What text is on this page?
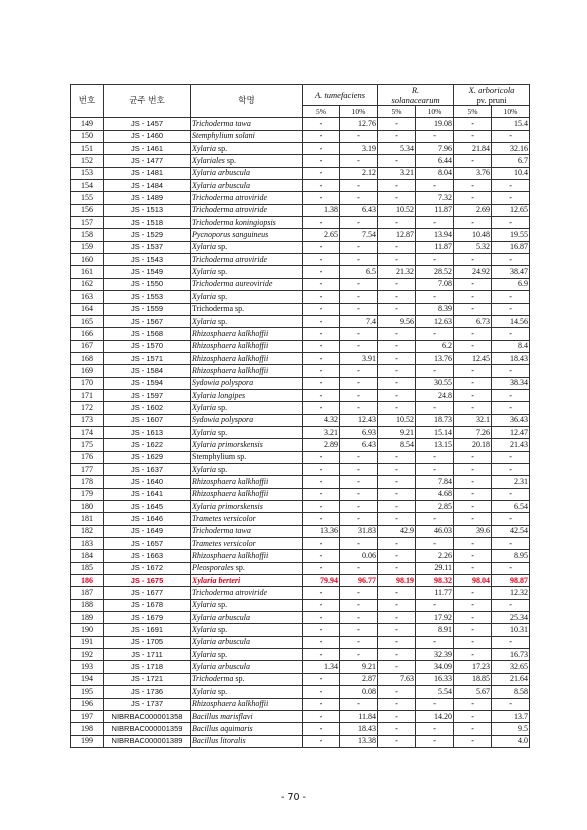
번호	균주 번호	학명	A. tumefaciens		R.
solanacearum		X. arboricola
pv. pruni	
			5%	10%	5%	10%	5%	10%
149	JS - 1457	Trichoderma tawa	-	12.76	-	19.08	-	15.4
150	JS - 1460	Stemphylium solani	-	-	-	-	-	-
151	JS - 1461	Xylaria sp.	-	3.19	5.34	7.96	21.84	32.16
152	JS - 1477	Xylariales sp.	-	-	-	6.44	-	6.7
153	JS - 1481	Xylaria arbuscula	-	2.12	3.21	8.04	3.76	10.4
154	JS - 1484	Xylaria arbuscula	-	-	-	-	-	-
155	JS - 1489	Trichoderma atroviride	-	-	-	7.32	-	-
156	JS - 1513	Trichoderma atroviride	1.38	6.43	10.52	11.87	2.69	12.65
157	JS - 1518	Trichoderma koningiopsis	-	-	-	-	-	-
158	JS - 1529	Pycnoporus sanguineus	2.65	7.54	12.87	13.94	10.48	19.55
159	JS - 1537	Xylaria sp.	-	-	-	11.87	5.32	16.87
160	JS - 1543	Trichoderma atroviride	-	-	-	-	-	-
161	JS - 1549	Xylaria sp.	-	6.5	21.32	28.52	24.92	38.47
162	JS - 1550	Trichoderma aureoviride	-	-	-	7.08	-	6.9
163	JS - 1553	Xylaria sp.	-	-	-	-	-	-
164	JS - 1559	Trichoderma sp.	-	-	-	8.39	-	-
165	JS - 1567	Xylaria sp.	-	7.4	9.56	12.63	6.73	14.56
166	JS - 1568	Rhizosphaera kalkhoffii	-	-	-	-	-	-
167	JS - 1570	Rhizosphaera kalkhoffii	-	-	-	6.2	-	8.4
168	JS - 1571	Rhizosphaera kalkhoffii	-	3.91	-	13.76	12.45	18.43
169	JS - 1584	Rhizosphaera kalkhoffii	-	-	-	-	-	-
170	JS - 1594	Sydowia polyspora	-	-	-	30.55	-	38.34
171	JS - 1597	Xylaria longipes	-	-	-	24.8	-	-
172	JS - 1602	Xylaria sp.	-	-	-	-	-	-
173	JS - 1607	Sydowia polyspora	4.32	12.43	10.52	18.73	32.1	36.43
174	JS - 1613	Xylaria sp.	3.21	6.93	9.21	15.14	7.26	12.47
175	JS - 1622	Xylaria primorskensis	2.89	6.43	8.54	13.15	20.18	21.43
176	JS - 1629	Stemphylium sp.	-	-	-	-	-	-
177	JS - 1637	Xylaria sp.	-	-	-	-	-	-
178	JS - 1640	Rhizosphaera kalkhoffii	-	-	-	7.84	-	2.31
179	JS - 1641	Rhizosphaera kalkhoffii	-	-	-	4.68	-	-
180	JS - 1645	Xylaria primorskensis	-	-	-	2.85	-	6.54
181	JS - 1646	Trametes versicolor	-	-	-	-	-	-
182	JS - 1649	Trichoderma tawa	13.36	31.83	42.9	46.03	39.6	42.54
183	JS - 1657	Trametes versicolor	-	-	-	-	-	-
184	JS - 1663	Rhizosphaera kalkhoffii	-	0.06	-	2.26	-	8.95
185	JS - 1672	Pleosporales sp.	-	-	-	29.11	-	-
186	JS - 1675	Xylaria berteri	79.94	96.77	98.19	98.32	98.04	98.87
187	JS - 1677	Trichoderma atroviride	-	-	-	11.77	-	12.32
188	JS - 1678	Xylaria sp.	-	-	-	-	-	-
189	JS - 1679	Xylaria arbuscula	-	-	-	17.92	-	25.34
190	JS - 1691	Xylaria sp.	-	-	-	8.91	-	10.31
191	JS - 1705	Xylaria arbuscula	-	-	-	-	-	-
192	JS - 1711	Xylaria sp.	-	-	-	32.39	-	16.73
193	JS - 1718	Xylaria arbuscula	1.34	9.21	-	34.09	17.23	32.65
194	JS - 1721	Trichoderma sp.	-	2.87	7.63	16.33	18.85	21.64
195	JS - 1736	Xylaria sp.	-	0.08	-	5.54	5.67	8.58
196	JS - 1737	Rhizosphaera kalkhoffii	-	-	-	-	-	-
197	NIBRBAC000001358	Bacillus marisflavi	-	11.84	-	14.20	-	13.7
198	NIBRBAC000001359	Bacillus aquimaris	-	18.43	-	-	-	9.5
199	NIBRBAC000001389	Bacillus litoralis	-	13.38	-	-	-	4.0
- 70 -
